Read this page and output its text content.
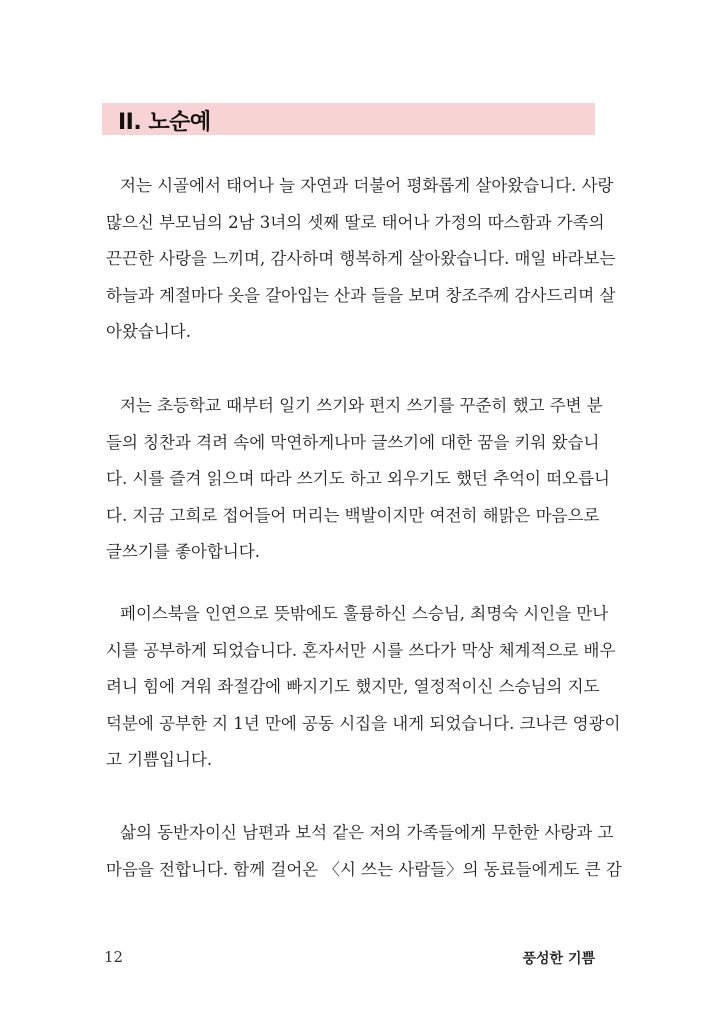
II. 노순예
저는 시골에서 태어나 늘 자연과 더불어 평화롭게 살아왔습니다. 사랑
많으신 부모님의 2남 3녀의 셋째 딸로 태어나 가정의 따스함과 가족의
끈끈한 사랑을 느끼며, 감사하며 행복하게 살아왔습니다. 매일 바라보는
하늘과 계절마다 옷을 갈아입는 산과 들을 보며 창조주께 감사드리며 살
아왔습니다.
저는 초등학교 때부터 일기 쓰기와 편지 쓰기를 꾸준히 했고 주변 분
들의 칭찬과 격려 속에 막연하게나마 글쓰기에 대한 꿈을 키워 왔습니
다. 시를 즐겨 읽으며 따라 쓰기도 하고 외우기도 했던 추억이 떠오릅니
다. 지금 고희로 접어들어 머리는 백발이지만 여전히 해맑은 마음으로
글쓰기를 좋아합니다.
페이스북을 인연으로 뜻밖에도 훌륭하신 스승님, 최명숙 시인을 만나
시를 공부하게 되었습니다. 혼자서만 시를 쓰다가 막상 체계적으로 배우
려니 힘에 겨워 좌절감에 빠지기도 했지만, 열정적이신 스승님의 지도
덕분에 공부한 지 1년 만에 공동 시집을 내게 되었습니다. 크나큰 영광이
고 기쁨입니다.
삶의 동반자이신 남편과 보석 같은 저의 가족들에게 무한한 사랑과 고
마음을 전합니다. 함께 걸어온 〈시 쓰는 사람들〉의 동료들에게도 큰 감
12	풍성한 기쁨
